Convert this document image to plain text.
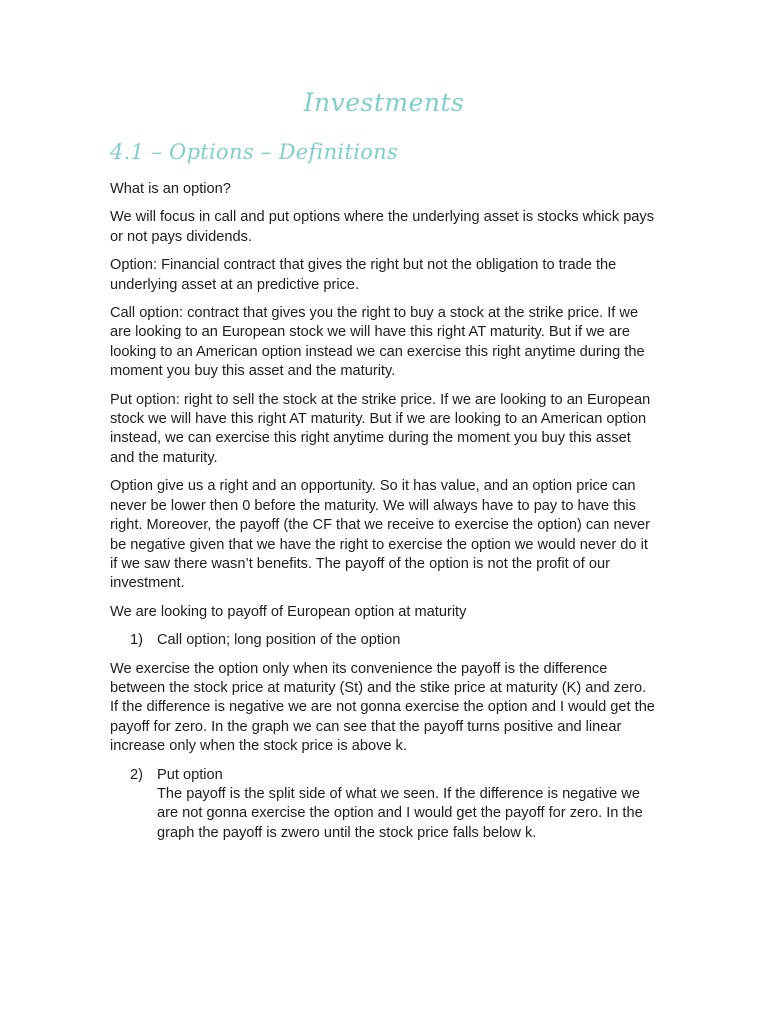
Investments
4.1 – Options – Definitions

What is an option?

We will focus in call and put options where the underlying asset is stocks whick pays or not pays dividends.

Option: Financial contract that gives the right but not the obligation to trade the underlying asset at an predictive price.

Call option: contract that gives you the right to buy a stock at the strike price. If we are looking to an European stock we will have this right AT maturity. But if we are looking to an American option instead we can exercise this right anytime during the moment you buy this asset and the maturity.

Put option: right to sell the stock at the strike price. If we are looking to an European stock we will have this right AT maturity. But if we are looking to an American option instead, we can exercise this right anytime during the moment you buy this asset and the maturity.

Option give us a right and an opportunity. So it has value, and an option price can never be lower then 0 before the maturity. We will always have to pay to have this right. Moreover, the payoff (the CF that we receive to exercise the option) can never be negative given that we have the right to exercise the option we would never do it if we saw there wasn’t benefits. The payoff of the option is not the profit of our investment.

We are looking to payoff of European option at maturity

1) Call option; long position of the option

We exercise the option only when its convenience the payoff is the difference between the stock price at maturity (St) and the stike price at maturity (K) and zero. If the difference is negative we are not gonna exercise the option and I would get the payoff for zero. In the graph we can see that the payoff turns positive and linear increase only when the stock price is above k.

2) Put option
The payoff is the split side of what we seen. If the difference is negative we are not gonna exercise the option and I would get the payoff for zero. In the graph the payoff is zwero until the stock price falls below k.
